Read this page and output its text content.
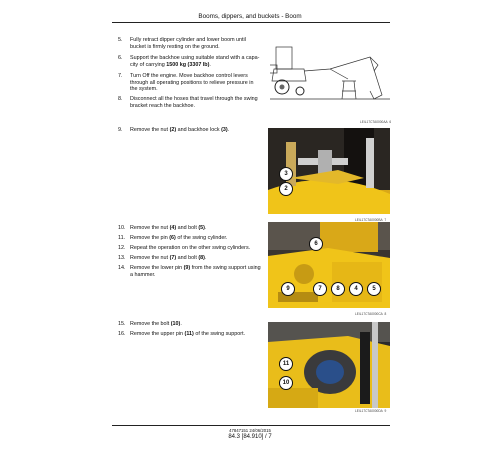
Booms, dippers, and buckets - Boom
5.	Fully retract dipper cylinder and lower boom until
bucket is firmly resting on the ground.
6.	Support the backhoe using suitable stand with a capa-
city of carrying 1500 kg (3307 lb).
7.	Turn Off the engine. Move backhoe control levers
through all operating positions to relieve pressure in
the system.
8.	Disconnect all the hoses that travel through the swing
bracket reach the backhoe.
LEIL17CTA0000AA 6
9.	Remove the nut (2) and backhoe lock (3).
3
2
LEIL17CTA0000BA 7
10. Remove the nut (4) and bolt (5).
11. Remove the pin (6) of the swing cylinder.
12. Repeat the operation on the other swing cylinders.
13. Remove the nut (7) and bolt (8).
14. Remove the lower pin (9) from the swing support using
a hammer.
6
9	7	8	4	5
LEIL17CTA0000CA 8
15. Remove the bolt (10).
16. Remove the upper pin (11) of the swing support.
11
10
LEIL17CTA0000DA 9
47847151 24/06/2015
84.3 [84.910] / 7
